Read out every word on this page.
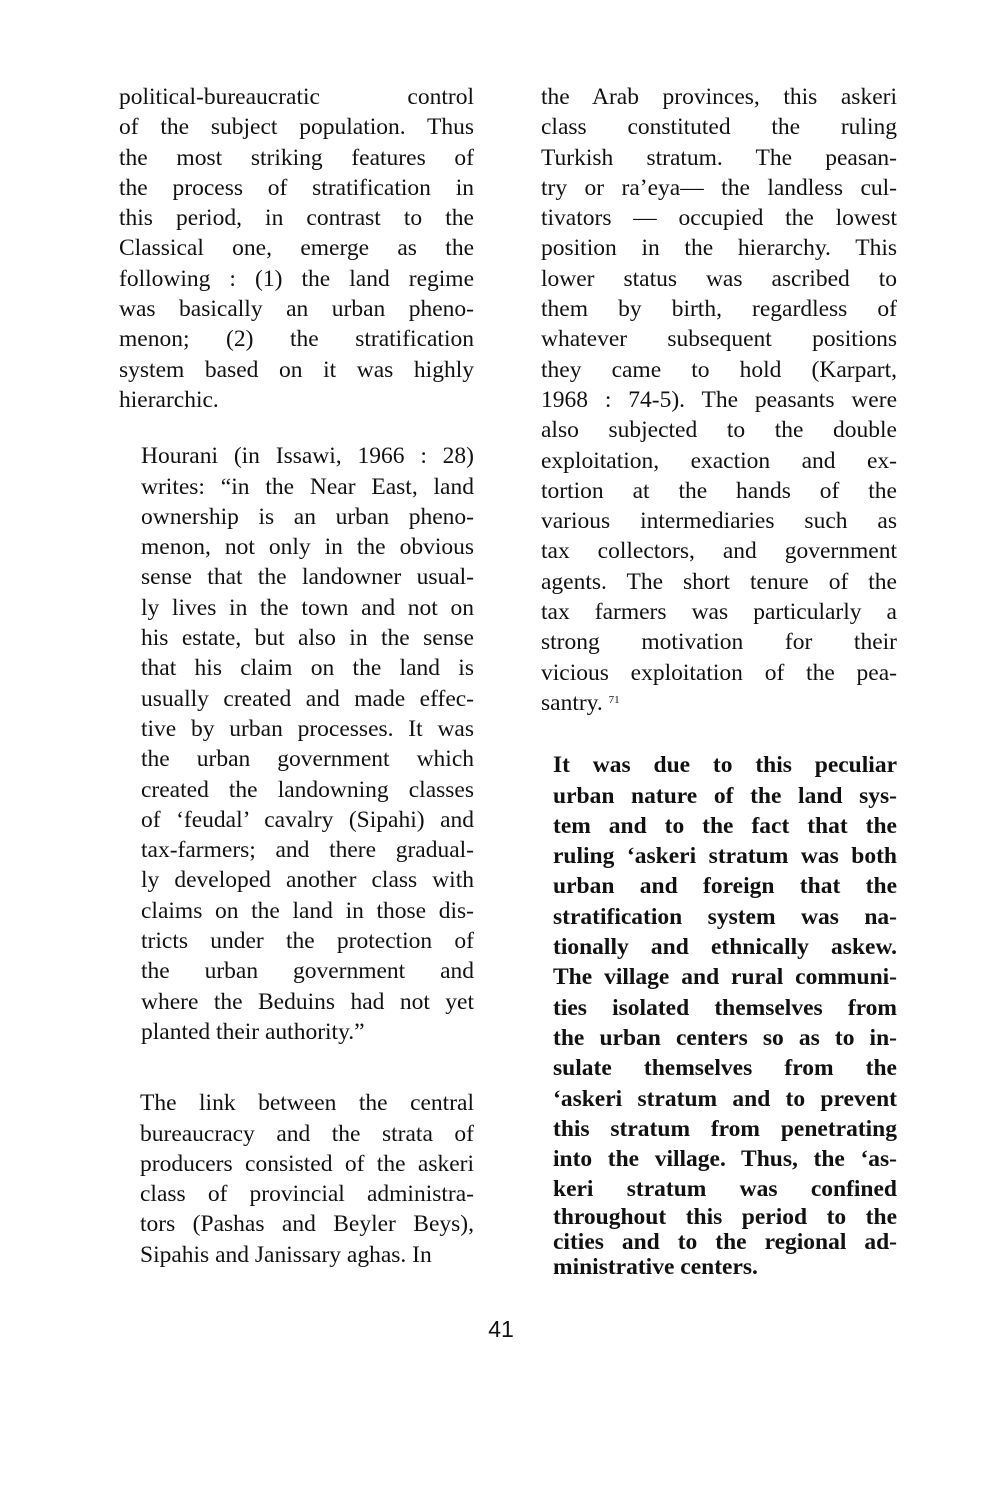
political-bureaucratic control
of the subject population. Thus
the most striking features of
the process of stratification in
this period, in contrast to the
Classical one, emerge as the
following : (1) the land regime
was basically an urban pheno-
menon; (2) the stratification
system based on it was highly
hierarchic.
Hourani (in Issawi, 1966 : 28)
writes: “in the Near East, land
ownership is an urban pheno-
menon, not only in the obvious
sense that the landowner usual-
ly lives in the town and not on
his estate, but also in the sense
that his claim on the land is
usually created and made effec-
tive by urban processes. It was
the urban government which
created the landowning classes
of ‘feudal’ cavalry (Sipahi) and
tax-farmers; and there gradual-
ly developed another class with
claims on the land in those dis-
tricts under the protection of
the urban government and
where the Beduins had not yet
planted their authority.”
The link between the central
bureaucracy and the strata of
producers consisted of the askeri
class of provincial administra-
tors (Pashas and Beyler Beys),
Sipahis and Janissary aghas. In
the Arab provinces, this askeri
class constituted the ruling
Turkish stratum. The peasan-
try or ra’eya— the landless cul-
tivators — occupied the lowest
position in the hierarchy. This
lower status was ascribed to
them by birth, regardless of
whatever subsequent positions
they came to hold (Karpart,
1968 : 74-5). The peasants were
also subjected to the double
exploitation, exaction and ex-
tortion at the hands of the
various intermediaries such as
tax collectors, and government
agents. The short tenure of the
tax farmers was particularly a
strong motivation for their
vicious exploitation of the pea-
santry. $^{71}$
It was due to this peculiar
urban nature of the land sys-
tem and to the fact that the
ruling ‘askeri stratum was both
urban and foreign that the
stratification system was na-
tionally and ethnically askew.
The village and rural communi-
ties isolated themselves from
the urban centers so as to in-
sulate themselves from the
‘askeri stratum and to prevent
this stratum from penetrating
into the village. Thus, the ‘as-
keri stratum was confined
throughout this period to the
cities and to the regional ad-
ministrative centers.
41
